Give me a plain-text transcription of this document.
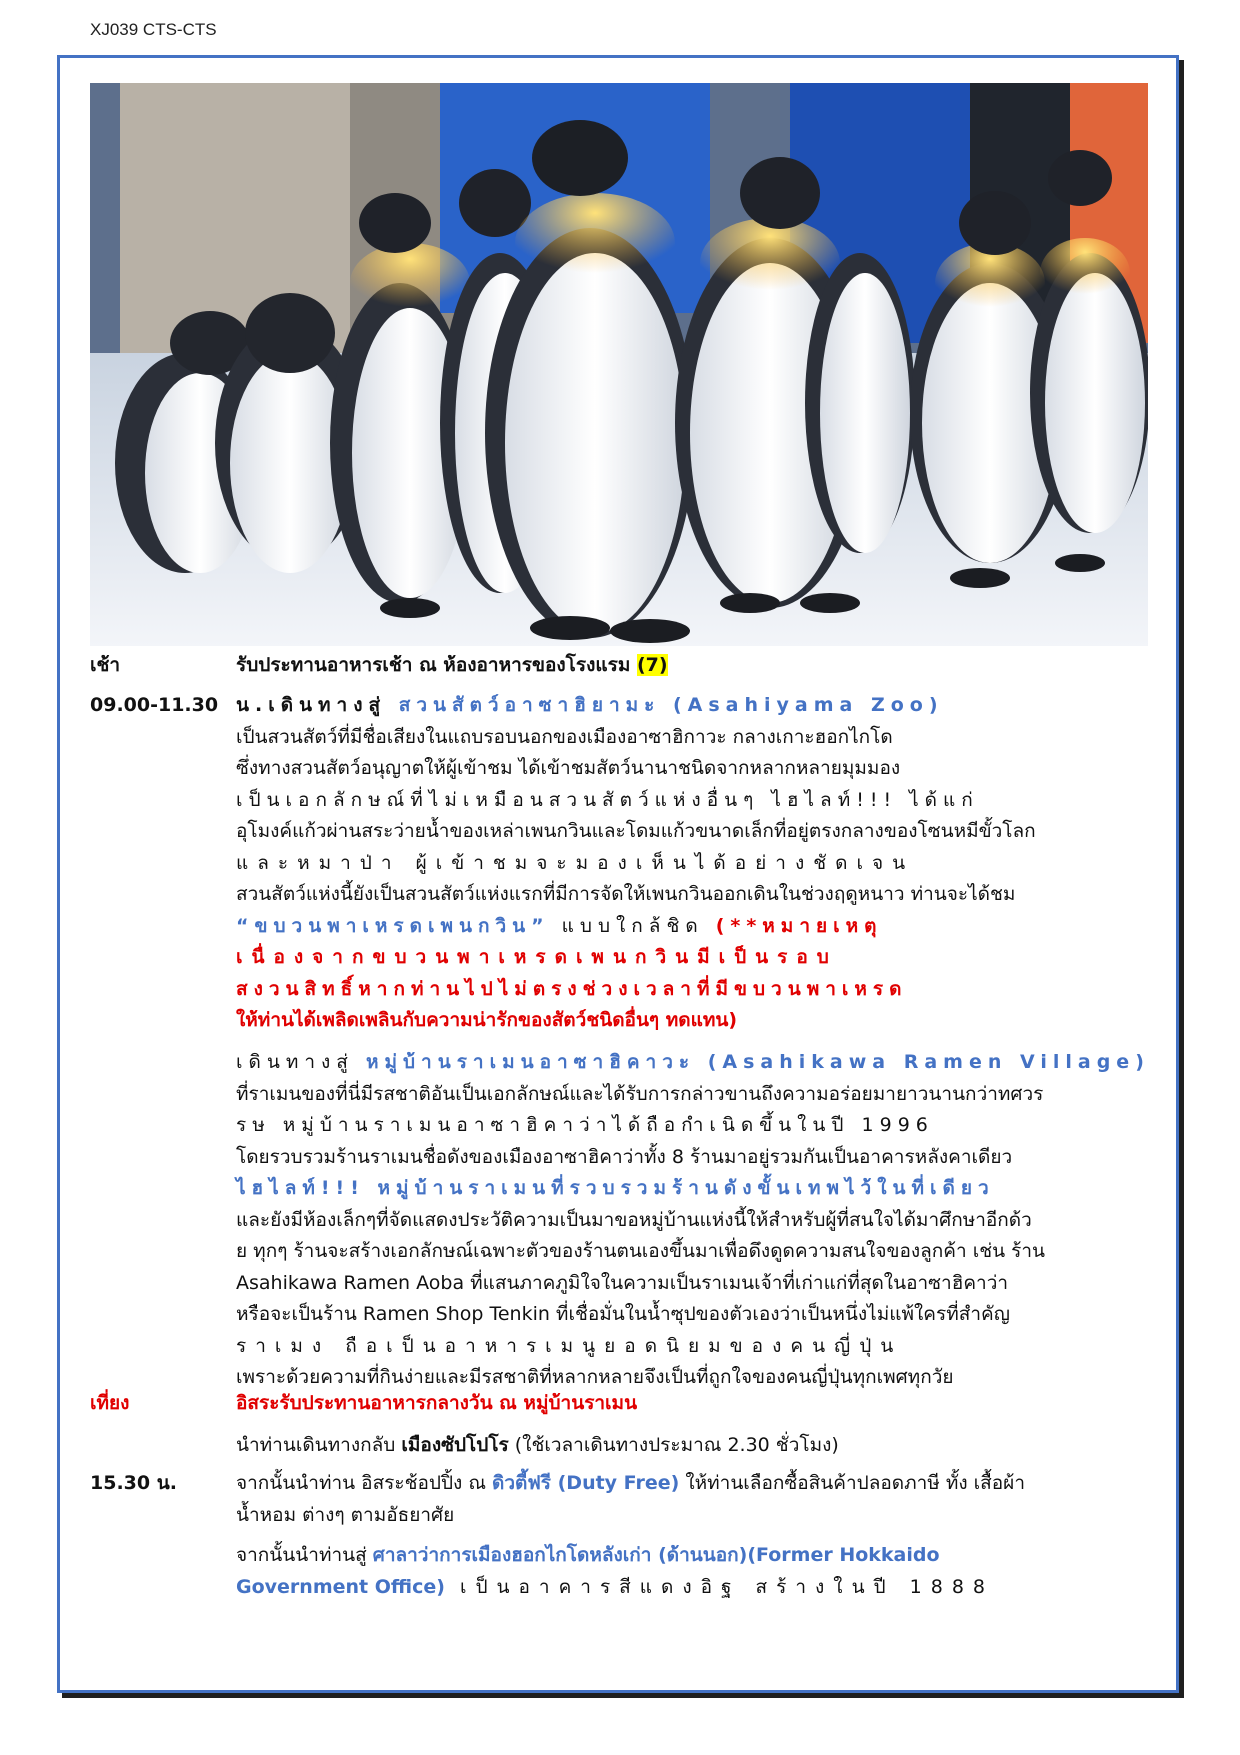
XJ039 CTS-CTS
เช้า	รับประทานอาหารเช้า ณ ห้องอาหารของโรงแรม (7)
09.00-11.30 น.เดินทางสู่ สวนสัตว์อาซาฮิยามะ (Asahiyama Zoo)
เป็นสวนสัตว์ที่มีชื่อเสียงในแถบรอบนอกของเมืองอาซาฮิกาวะ กลางเกาะฮอกไกโด
ซึ่งทางสวนสัตว์อนุญาตให้ผู้เข้าชม ได้เข้าชมสัตว์นานาชนิดจากหลากหลายมุมมอง
เป็นเอกลักษณ์ที่ไม่เหมือนสวนสัตว์แห่งอื่นๆ ไฮไลท์!!! ได้แก่
อุโมงค์แก้วผ่านสระว่ายน้ำของเหล่าเพนกวินและโดมแก้วขนาดเล็กที่อยู่ตรงกลางของโซนหมีขั้วโลก
และหมาป่า ผู้เข้าชมจะมองเห็นได้อย่างชัดเจน
สวนสัตว์แห่งนี้ยังเป็นสวนสัตว์แห่งแรกที่มีการจัดให้เพนกวินออกเดินในช่วงฤดูหนาว ท่านจะได้ชม
“ขบวนพาเหรดเพนกวิน” แบบใกล้ชิด (**หมายเหตุ
เนื่องจากขบวนพาเหรดเพนกวินมีเป็นรอบ
สงวนสิทธิ์หากท่านไปไม่ตรงช่วงเวลาที่มีขบวนพาเหรด
ให้ท่านได้เพลิดเพลินกับความน่ารักของสัตว์ชนิดอื่นๆ ทดแทน)
เดินทางสู่ หมู่บ้านราเมนอาซาฮิคาวะ (Asahikawa Ramen Village)
ที่ราเมนของที่นี่มีรสชาติอันเป็นเอกลักษณ์และได้รับการกล่าวขานถึงความอร่อยมายาวนานกว่าทศวร
รษ หมู่บ้านราเมนอาซาฮิคาว่าได้ถือกำเนิดขึ้นในปี 1996
โดยรวบรวมร้านราเมนชื่อดังของเมืองอาซาฮิคาว่าทั้ง 8 ร้านมาอยู่รวมกันเป็นอาคารหลังคาเดียว
ไฮไลท์!!! หมู่บ้านราเมนที่รวบรวมร้านดังขั้นเทพไว้ในที่เดียว
และยังมีห้องเล็กๆที่จัดแสดงประวัติความเป็นมาขอหมู่บ้านแห่งนี้ให้สำหรับผู้ที่สนใจได้มาศึกษาอีกด้ว
ย ทุกๆ ร้านจะสร้างเอกลักษณ์เฉพาะตัวของร้านตนเองขึ้นมาเพื่อดึงดูดความสนใจของลูกค้า เช่น ร้าน
Asahikawa Ramen Aoba ที่แสนภาคภูมิใจในความเป็นราเมนเจ้าที่เก่าแก่ที่สุดในอาซาฮิคาว่า
หรือจะเป็นร้าน Ramen Shop Tenkin ที่เชื่อมั่นในน้ำซุปของตัวเองว่าเป็นหนึ่งไม่แพ้ใครที่สำคัญ
ราเมง ถือเป็นอาหารเมนูยอดนิยมของคนญี่ปุ่น
เพราะด้วยความที่กินง่ายและมีรสชาติที่หลากหลายจึงเป็นที่ถูกใจของคนญี่ปุ่นทุกเพศทุกวัย
เที่ยง	อิสระรับประทานอาหารกลางวัน ณ หมู่บ้านราเมน
นำท่านเดินทางกลับ เมืองซัปโปโร (ใช้เวลาเดินทางประมาณ 2.30 ชั่วโมง)
15.30 น.	จากนั้นนำท่าน อิสระช้อปปิ้ง ณ ดิวตี้ฟรี (Duty Free) ให้ท่านเลือกซื้อสินค้าปลอดภาษี ทั้ง เสื้อผ้า
น้ำหอม ต่างๆ ตามอัธยาศัย
จากนั้นนำท่านสู่ ศาลาว่าการเมืองฮอกไกโดหลังเก่า (ด้านนอก)(Former Hokkaido
Government Office) เป็นอาคารสีแดงอิฐ สร้างในปี 1888
